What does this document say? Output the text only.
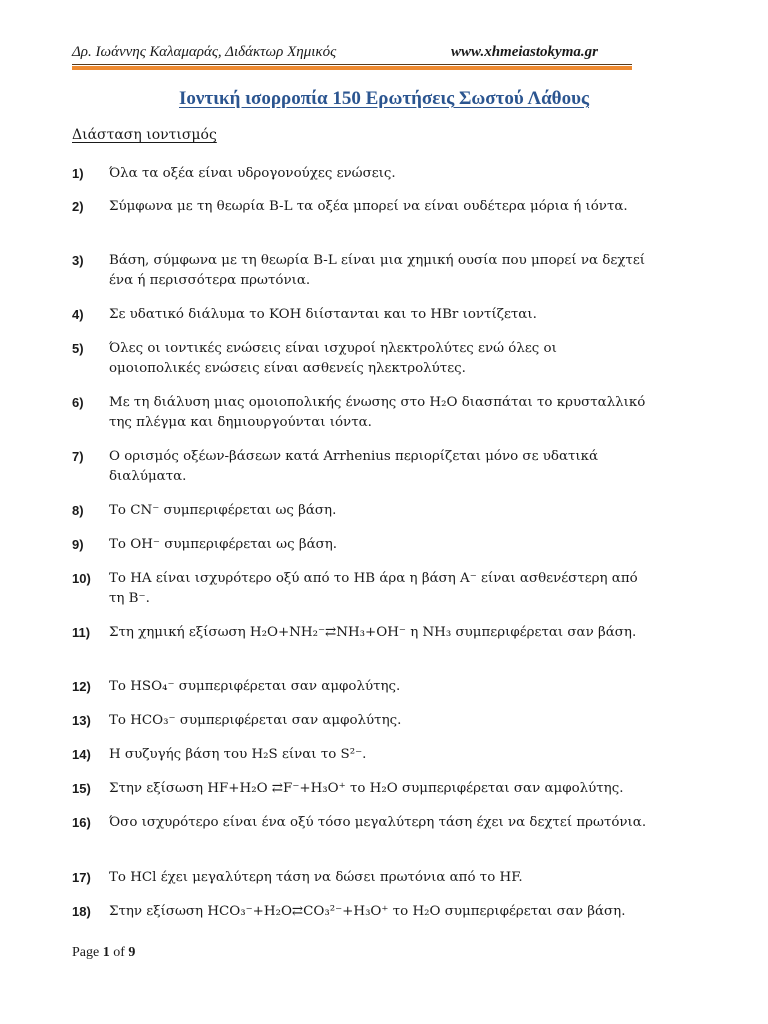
Δρ. Ιωάννης Καλαμαράς, Διδάκτωρ Χημικός	www.xhmeiastokyma.gr
Ιοντική ισορροπία 150 Ερωτήσεις Σωστού Λάθους
Διάσταση ιοντισμός
1)	Όλα τα οξέα είναι υδρογονούχες ενώσεις.
2)	Σύμφωνα με τη θεωρία B-L τα οξέα μπορεί να είναι ουδέτερα μόρια ή ιόντα.
3)	Βάση, σύμφωνα με τη θεωρία B-L είναι μια χημική ουσία που μπορεί να δεχτεί ένα ή περισσότερα πρωτόνια.
4)	Σε υδατικό διάλυμα το KOH διίστανται και το HBr ιοντίζεται.
5)	Όλες οι ιοντικές ενώσεις είναι ισχυροί ηλεκτρολύτες ενώ όλες οι ομοιοπολικές ενώσεις είναι ασθενείς ηλεκτρολύτες.
6)	Με τη διάλυση μιας ομοιοπολικής ένωσης στο H₂O διασπάται το κρυσταλλικό της πλέγμα και δημιουργούνται ιόντα.
7)	Ο ορισμός οξέων-βάσεων κατά Arrhenius περιορίζεται μόνο σε υδατικά διαλύματα.
8)	Το CN⁻ συμπεριφέρεται ως βάση.
9)	Το OH⁻ συμπεριφέρεται ως βάση.
10)	Το HA είναι ισχυρότερο οξύ από το HB άρα η βάση A⁻ είναι ασθενέστερη από τη B⁻.
11)	Στη χημική εξίσωση H₂O+NH₂⁻⇄NH₃+OH⁻ η NH₃ συμπεριφέρεται σαν βάση.
12)	Το HSO₄⁻ συμπεριφέρεται σαν αμφολύτης.
13)	Το HCO₃⁻ συμπεριφέρεται σαν αμφολύτης.
14)	Η συζυγής βάση του H₂S είναι το S²⁻.
15)	Στην εξίσωση HF+H₂O ⇄F⁻+H₃O⁺ το H₂O συμπεριφέρεται σαν αμφολύτης.
16)	Όσο ισχυρότερο είναι ένα οξύ τόσο μεγαλύτερη τάση έχει να δεχτεί πρωτόνια.
17)	Το HCl έχει μεγαλύτερη τάση να δώσει πρωτόνια από το HF.
18)	Στην εξίσωση HCO₃⁻+H₂O⇄CO₃²⁻+H₃O⁺ το H₂O συμπεριφέρεται σαν βάση.
Page 1 of 9
